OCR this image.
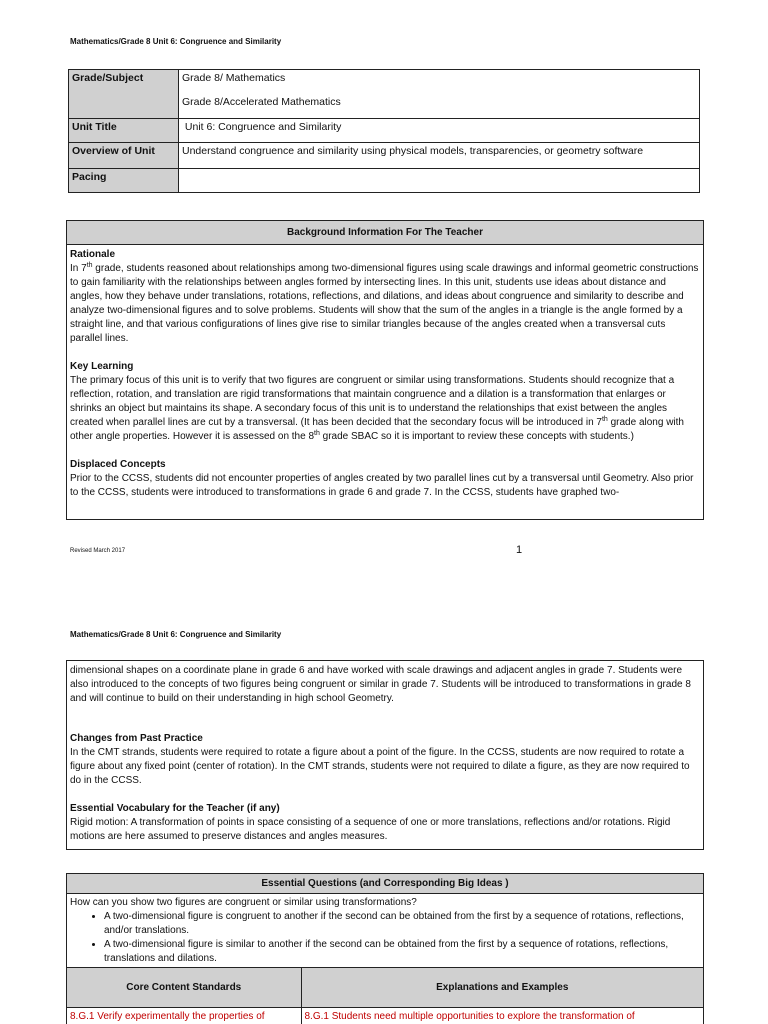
Mathematics/Grade 8 Unit 6: Congruence and Similarity
Grade/Subject	Grade 8/ Mathematics
Grade 8/Accelerated Mathematics

Unit Title	Unit 6: Congruence and Similarity
Overview of Unit	Understand congruence and similarity using physical models, transparencies, or geometry software
Pacing	
Background Information For The Teacher
Rationale
In 7th grade, students reasoned about relationships among two-dimensional figures using scale drawings and informal geometric constructions to gain familiarity with the relationships between angles formed by intersecting lines. In this unit, students use ideas about distance and angles, how they behave under translations, rotations, reflections, and dilations, and ideas about congruence and similarity to describe and analyze two-dimensional figures and to solve problems. Students will show that the sum of the angles in a triangle is the angle formed by a straight line, and that various configurations of lines give rise to similar triangles because of the angles created when a transversal cuts parallel lines.
Key Learning
The primary focus of this unit is to verify that two figures are congruent or similar using transformations. Students should recognize that a reflection, rotation, and translation are rigid transformations that maintain congruence and a dilation is a transformation that enlarges or shrinks an object but maintains its shape. A secondary focus of this unit is to understand the relationships that exist between the angles created when parallel lines are cut by a transversal. (It has been decided that the secondary focus will be introduced in 7th grade along with other angle properties. However it is assessed on the 8th grade SBAC so it is important to review these concepts with students.)
Displaced Concepts
Prior to the CCSS, students did not encounter properties of angles created by two parallel lines cut by a transversal until Geometry. Also prior to the CCSS, students were introduced to transformations in grade 6 and grade 7. In the CCSS, students have graphed two-
Revised March 2017	1
Mathematics/Grade 8 Unit 6: Congruence and Similarity
dimensional shapes on a coordinate plane in grade 6 and have worked with scale drawings and adjacent angles in grade 7. Students were also introduced to the concepts of two figures being congruent or similar in grade 7. Students will be introduced to transformations in grade 8 and will continue to build on their understanding in high school Geometry.
Changes from Past Practice
In the CMT strands, students were required to rotate a figure about a point of the figure. In the CCSS, students are now required to rotate a figure about any fixed point (center of rotation). In the CMT strands, students were not required to dilate a figure, as they are now required to do in the CCSS.
Essential Vocabulary for the Teacher (if any)
Rigid motion: A transformation of points in space consisting of a sequence of one or more translations, reflections and/or rotations. Rigid motions are here assumed to preserve distances and angles measures.
Essential Questions (and Corresponding Big Ideas )
How can you show two figures are congruent or similar using transformations?
• A two-dimensional figure is congruent to another if the second can be obtained from the first by a sequence of rotations, reflections, and/or translations.
• A two-dimensional figure is similar to another if the second can be obtained from the first by a sequence of rotations, reflections, translations and dilations.
Core Content Standards	Explanations and Examples
8.G.1 Verify experimentally the properties of	8.G.1 Students need multiple opportunities to explore the transformation of
